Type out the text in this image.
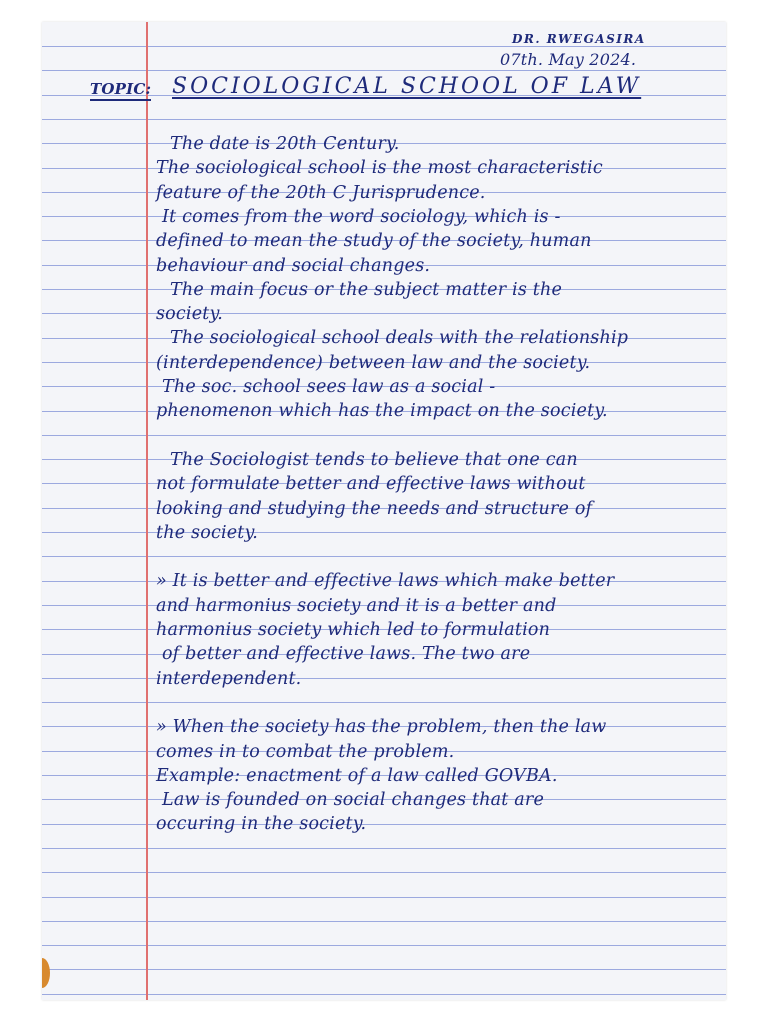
DR. RWEGASIRA
07th. May 2024.
TOPIC: SOCIOLOGICAL SCHOOL OF LAW
The date is 20th Century.
The sociological school is the most characteristic
feature of the 20th C Jurisprudence.
It comes from the word sociology, which is -
defined to mean the study of the society, human
behaviour and social changes.
The main focus or the subject matter is the
society.
The sociological school deals with the relationship
(interdependence) between law and the society.
The soc. school sees law as a social -
phenomenon which has the impact on the society.
The Sociologist tends to believe that one can
not formulate better and effective laws without
looking and studying the needs and structure of
the society.
» It is better and effective laws which make better
and harmonius society and it is a better and
harmonius society which led to formulation
of better and effective laws. The two are
interdependent.
» When the society has the problem, then the law
comes in to combat the problem.
Example: enactment of a law called GOVBA.
Law is founded on social changes that are
occuring in the society.
